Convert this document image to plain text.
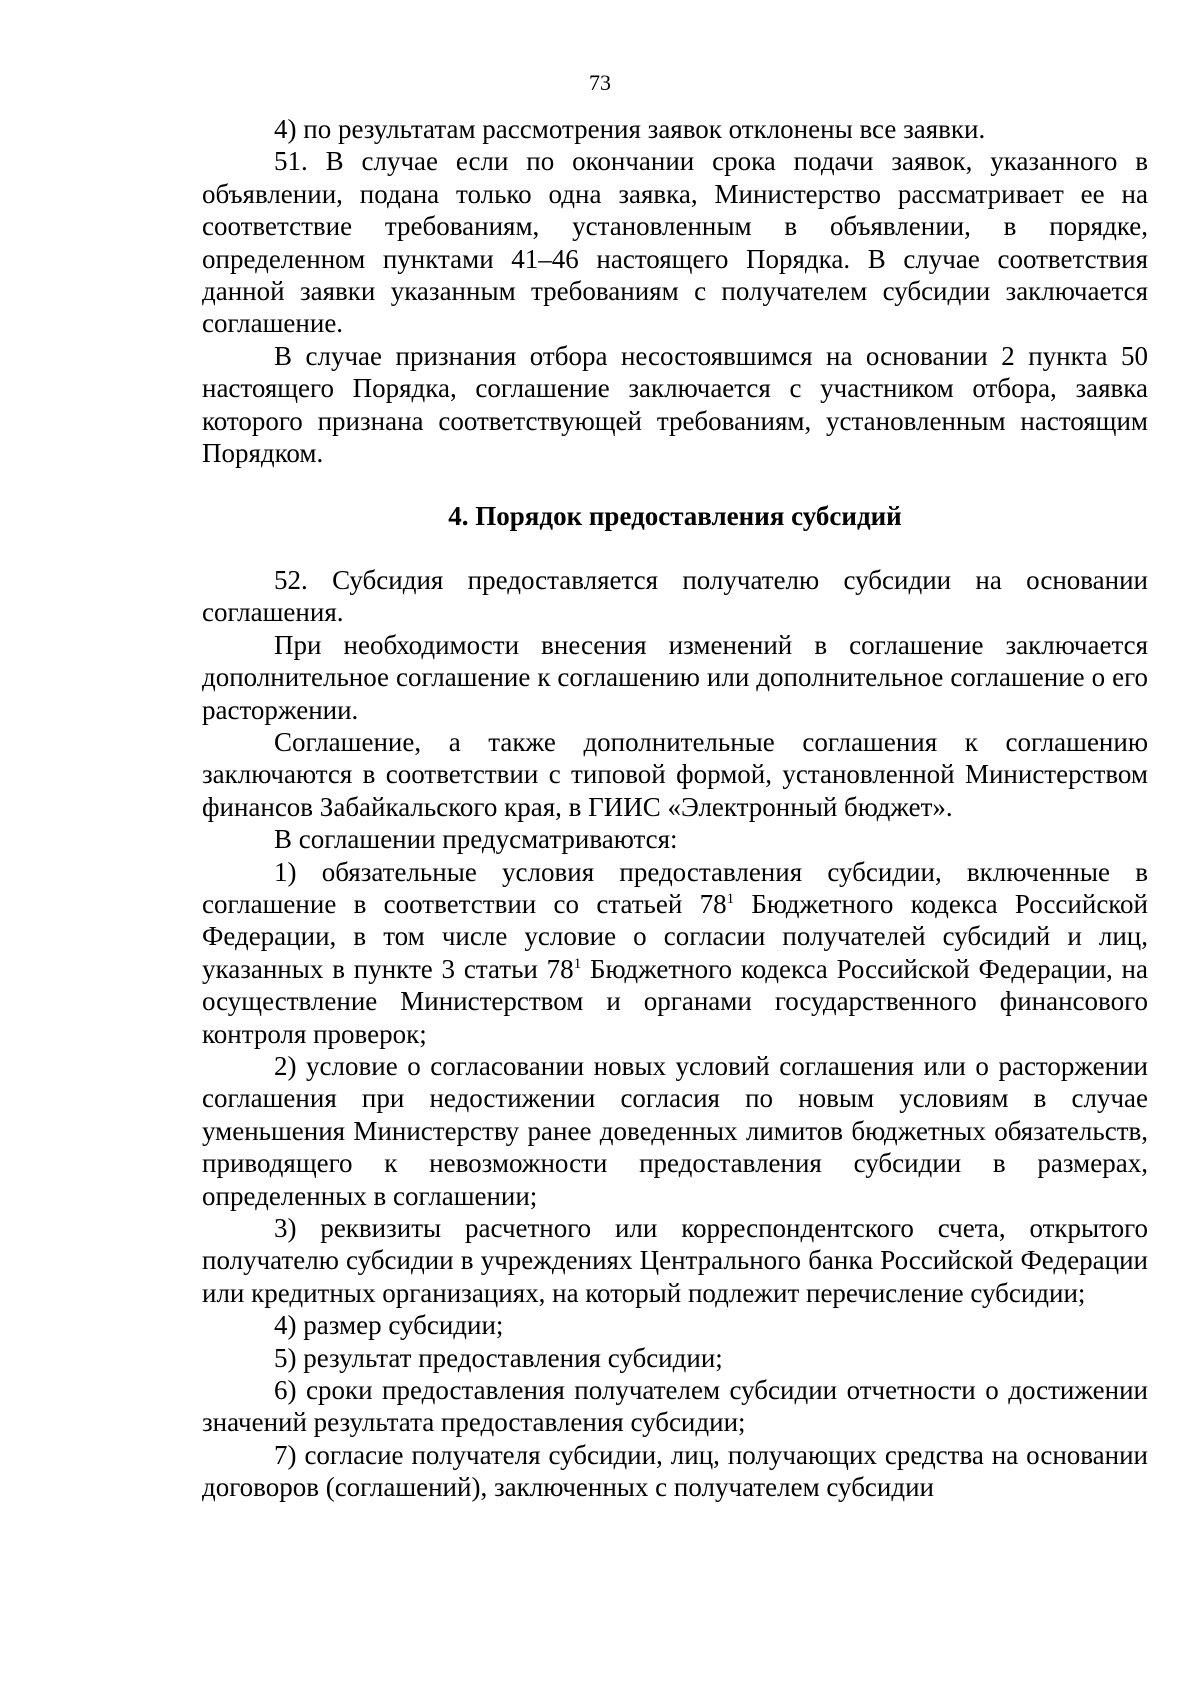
73

4) по результатам рассмотрения заявок отклонены все заявки.

51. В случае если по окончании срока подачи заявок, указанного в объявлении, подана только одна заявка, Министерство рассматривает ее на соответствие требованиям, установленным в объявлении, в порядке, определенном пунктами 41–46 настоящего Порядка. В случае соответствия данной заявки указанным требованиям с получателем субсидии заключается соглашение.

В случае признания отбора несостоявшимся на основании 2 пункта 50 настоящего Порядка, соглашение заключается с участником отбора, заявка которого признана соответствующей требованиям, установленным настоящим Порядком.

4. Порядок предоставления субсидий

52. Субсидия предоставляется получателю субсидии на основании соглашения.

При необходимости внесения изменений в соглашение заключается дополнительное соглашение к соглашению или дополнительное соглашение о его расторжении.

Соглашение, а также дополнительные соглашения к соглашению заключаются в соответствии с типовой формой, установленной Министерством финансов Забайкальского края, в ГИИС «Электронный бюджет».

В соглашении предусматриваются:

1) обязательные условия предоставления субсидии, включенные в соглашение в соответствии со статьей $78^1$ Бюджетного кодекса Российской Федерации, в том числе условие о согласии получателей субсидий и лиц, указанных в пункте 3 статьи $78^1$ Бюджетного кодекса Российской Федерации, на осуществление Министерством и органами государственного финансового контроля проверок;

2) условие о согласовании новых условий соглашения или о расторжении соглашения при недостижении согласия по новым условиям в случае уменьшения Министерству ранее доведенных лимитов бюджетных обязательств, приводящего к невозможности предоставления субсидии в размерах, определенных в соглашении;

3) реквизиты расчетного или корреспондентского счета, открытого получателю субсидии в учреждениях Центрального банка Российской Федерации или кредитных организациях, на который подлежит перечисление субсидии;

4) размер субсидии;

5) результат предоставления субсидии;

6) сроки предоставления получателем субсидии отчетности о достижении значений результата предоставления субсидии;

7) согласие получателя субсидии, лиц, получающих средства на основании договоров (соглашений), заключенных с получателем субсидии
